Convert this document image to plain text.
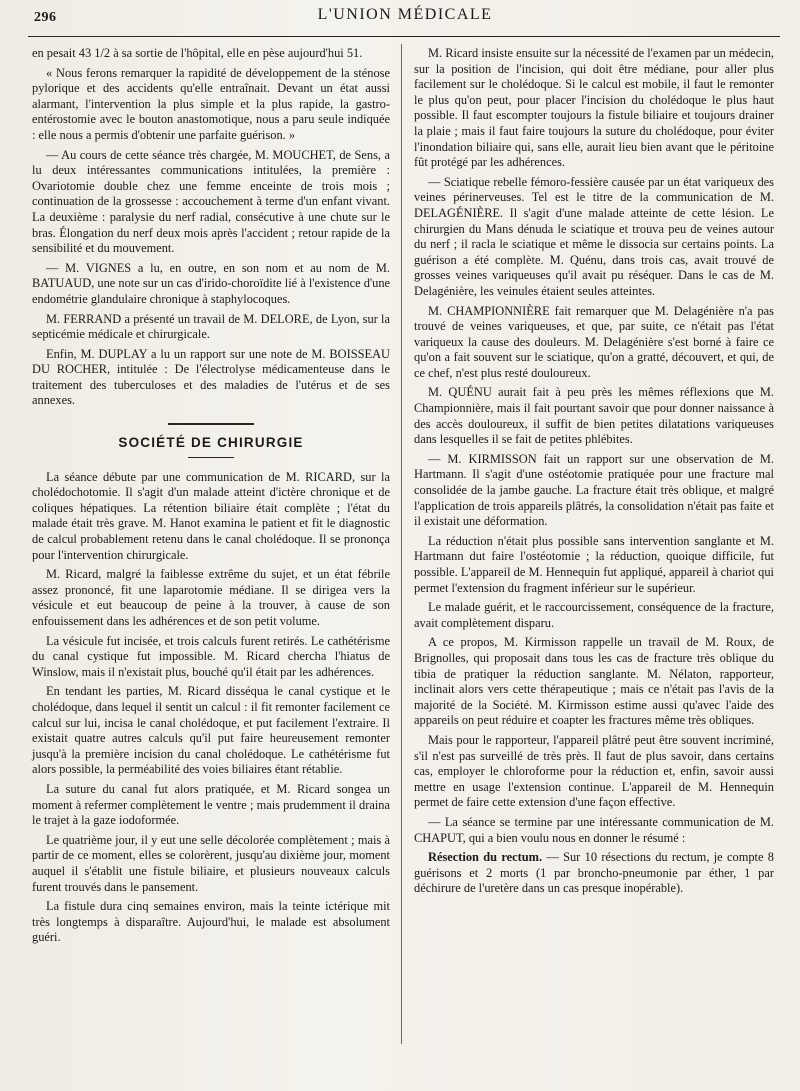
296	L'UNION MÉDICALE

en pesait 43 1/2 à sa sortie de l'hôpital, elle en pèse aujourd'hui 51.

« Nous ferons remarquer la rapidité de développement de la sténose pylorique et des accidents qu'elle entraînait. Devant un état aussi alarmant, l'intervention la plus simple et la plus rapide, la gastro-entérostomie avec le bouton anastomotique, nous a paru seule indiquée : elle nous a permis d'obtenir une parfaite guérison. »

— Au cours de cette séance très chargée, M. MOUCHET, de Sens, a lu deux intéressantes communications intitulées, la première : Ovariotomie double chez une femme enceinte de trois mois ; continuation de la grossesse : accouchement à terme d'un enfant vivant. La deuxième : paralysie du nerf radial, consécutive à une chute sur le bras. Élongation du nerf deux mois après l'accident ; retour rapide de la sensibilité et du mouvement.

— M. VIGNES a lu, en outre, en son nom et au nom de M. BATUAUD, une note sur un cas d'irido-choroïdite lié à l'existence d'une endométrie glandulaire chronique à staphylocoques.

M. FERRAND a présenté un travail de M. DELORE, de Lyon, sur la septicémie médicale et chirurgicale.

Enfin, M. DUPLAY a lu un rapport sur une note de M. BOISSEAU DU ROCHER, intitulée : De l'électrolyse médicamenteuse dans le traitement des tuberculoses et des maladies de l'utérus et de ses annexes.

SOCIÉTÉ DE CHIRURGIE

La séance débute par une communication de M. RICARD, sur la cholédochotomie. Il s'agit d'un malade atteint d'ictère chronique et de coliques hépatiques. La rétention biliaire était complète ; l'état du malade était très grave. M. Hanot examina le patient et fit le diagnostic de calcul probablement retenu dans le canal cholédoque. Il se prononça pour l'intervention chirurgicale.

M. Ricard, malgré la faiblesse extrême du sujet, et un état fébrile assez prononcé, fit une laparotomie médiane. Il se dirigea vers la vésicule et eut beaucoup de peine à la trouver, à cause de son enfouissement dans les adhérences et de son petit volume.

La vésicule fut incisée, et trois calculs furent retirés. Le cathétérisme du canal cystique fut impossible. M. Ricard chercha l'hiatus de Winslow, mais il n'existait plus, bouché qu'il était par les adhérences.

En tendant les parties, M. Ricard disséqua le canal cystique et le cholédoque, dans lequel il sentit un calcul : il fit remonter facilement ce calcul sur lui, incisa le canal cholédoque, et put facilement l'extraire. Il existait quatre autres calculs qu'il put faire heureusement remonter jusqu'à la première incision du canal cholédoque. Le cathétérisme fut alors possible, la perméabilité des voies biliaires étant rétablie.

La suture du canal fut alors pratiquée, et M. Ricard songea un moment à refermer complètement le ventre ; mais prudemment il draina le trajet à la gaze iodoformée.

Le quatrième jour, il y eut une selle décolorée complètement ; mais à partir de ce moment, elles se colorèrent, jusqu'au dixième jour, moment auquel il s'établit une fistule biliaire, et plusieurs nouveaux calculs furent trouvés dans le pansement.

La fistule dura cinq semaines environ, mais la teinte ictérique mit très longtemps à disparaître. Aujourd'hui, le malade est absolument guéri.

M. Ricard insiste ensuite sur la nécessité de l'examen par un médecin, sur la position de l'incision, qui doit être médiane, pour aller plus facilement sur le cholédoque. Si le calcul est mobile, il faut le remonter le plus qu'on peut, pour placer l'incision du cholédoque le plus haut possible. Il faut escompter toujours la fistule biliaire et toujours drainer la plaie ; mais il faut faire toujours la suture du cholédoque, pour éviter l'inondation biliaire qui, sans elle, aurait lieu bien avant que le péritoine fût protégé par les adhérences.

— Sciatique rebelle fémoro-fessière causée par un état variqueux des veines périnerveuses. Tel est le titre de la communication de M. DELAGÉNIÈRE. Il s'agit d'une malade atteinte de cette lésion. Le chirurgien du Mans dénuda le sciatique et trouva peu de veines autour du nerf ; il racla le sciatique et même le dissocia sur certains points. La guérison a été complète. M. Quénu, dans trois cas, avait trouvé de grosses veines variqueuses qu'il avait pu réséquer. Dans le cas de M. Delagénière, les veinules étaient seules atteintes.

M. CHAMPIONNIÈRE fait remarquer que M. Delagénière n'a pas trouvé de veines variqueuses, et que, par suite, ce n'était pas l'état variqueux la cause des douleurs. M. Delagénière s'est borné à faire ce qu'on a fait souvent sur le sciatique, qu'on a gratté, découvert, et qui, de ce chef, n'est plus resté douloureux.

M. QUÉNU aurait fait à peu près les mêmes réflexions que M. Championnière, mais il fait pourtant savoir que pour donner naissance à des accès douloureux, il suffit de bien petites dilatations variqueuses dans lesquelles il se fait de petites phlébites.

— M. KIRMISSON fait un rapport sur une observation de M. Hartmann. Il s'agit d'une ostéotomie pratiquée pour une fracture mal consolidée de la jambe gauche. La fracture était très oblique, et malgré l'application de trois appareils plâtrés, la consolidation n'était pas faite et il existait une déformation.

La réduction n'était plus possible sans intervention sanglante et M. Hartmann dut faire l'ostéotomie ; la réduction, quoique difficile, fut possible. L'appareil de M. Hennequin fut appliqué, appareil à chariot qui permet l'extension du fragment inférieur sur le supérieur.

Le malade guérit, et le raccourcissement, conséquence de la fracture, avait complètement disparu.

A ce propos, M. Kirmisson rappelle un travail de M. Roux, de Brignolles, qui proposait dans tous les cas de fracture très oblique du tibia de pratiquer la réduction sanglante. M. Nélaton, rapporteur, inclinait alors vers cette thérapeutique ; mais ce n'était pas l'avis de la majorité de la Société. M. Kirmisson estime aussi qu'avec l'aide des appareils on peut réduire et coapter les fractures même très obliques.

Mais pour le rapporteur, l'appareil plâtré peut être souvent incriminé, s'il n'est pas surveillé de très près. Il faut de plus savoir, dans certains cas, employer le chloroforme pour la réduction et, enfin, savoir aussi mettre en usage l'extension continue. L'appareil de M. Hennequin permet de faire cette extension d'une façon effective.

— La séance se termine par une intéressante communication de M. CHAPUT, qui a bien voulu nous en donner le résumé :

Résection du rectum. — Sur 10 résections du rectum, je compte 8 guérisons et 2 morts (1 par broncho-pneumonie par éther, 1 par déchirure de l'uretère dans un cas presque inopérable).
